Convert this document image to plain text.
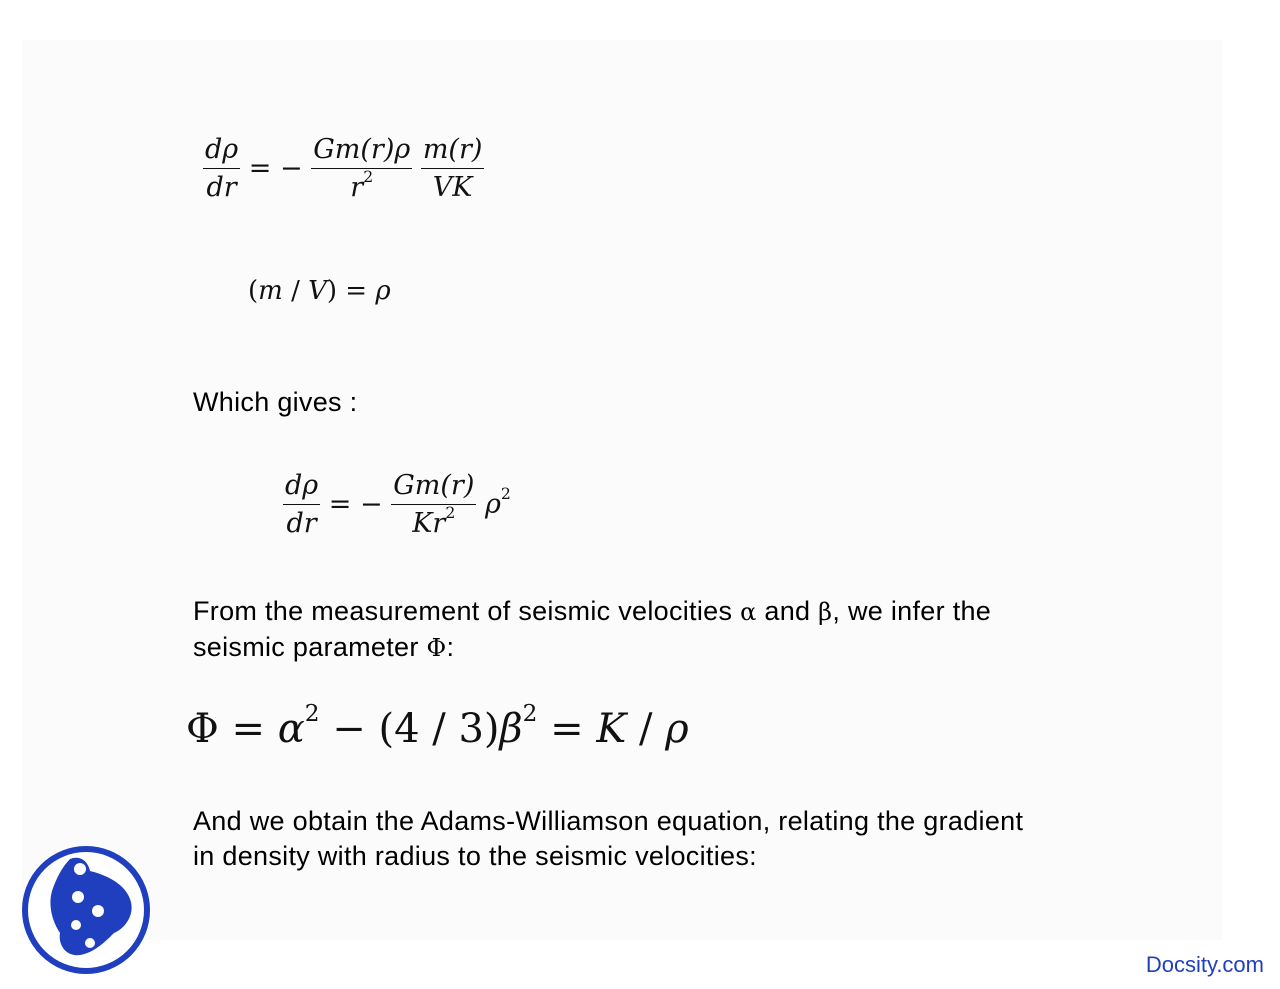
$\frac{d\rho}{dr}$ = − $\frac{Gm(r)\rho}{r^2}$
$\frac{m(r)}{VK}$
(m / V) = ρ
Which gives :
$\frac{d\rho}{dr}$ = − $\frac{Gm(r)}{Kr^2} \rho^2$
From the measurement of seismic velocities α and β, we infer the
seismic parameter Φ:
$\Phi = \alpha^2 - (4 / 3)\beta^2 = K / \rho$
And we obtain the Adams-Williamson equation, relating the gradient
in density with radius to the seismic velocities:
Docsity.com
